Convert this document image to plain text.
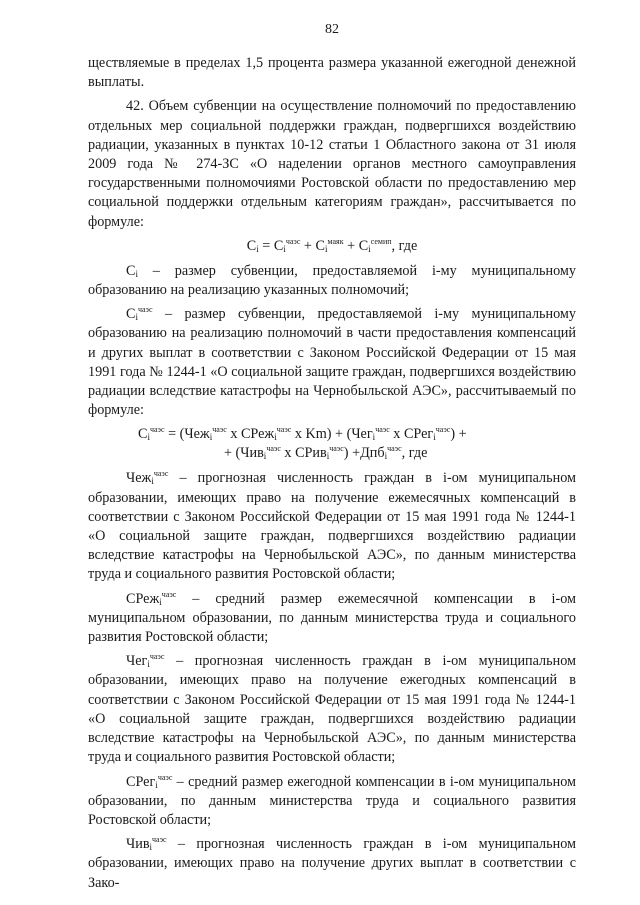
82

ществляемые в пределах 1,5 процента размера указанной ежегодной денежной выплаты.

42. Объем субвенции на осуществление полномочий по предоставлению отдельных мер социальной поддержки граждан, подвергшихся воздействию радиации, указанных в пунктах 10-12 статьи 1 Областного закона от 31 июля 2009 года № 274-ЗС «О наделении органов местного самоуправления государственными полномочиями Ростовской области по предоставлению мер социальной поддержки отдельным категориям граждан», рассчитывается по формуле:

$C_i = C_i^{чаэс} + C_i^{маяк} + C_i^{семип}$, где

$C_i$ – размер субвенции, предоставляемой i-му муниципальному образованию на реализацию указанных полномочий;

$C_i^{чаэс}$ – размер субвенции, предоставляемой i-му муниципальному образованию на реализацию полномочий в части предоставления компенсаций и других выплат в соответствии с Законом Российской Федерации от 15 мая 1991 года № 1244-1 «О социальной защите граждан, подвергшихся воздействию радиации вследствие катастрофы на Чернобыльской АЭС», рассчитываемый по формуле:

$C_i^{чаэс} = (Чеж_i^{чаэс}$ x СРеж$_i^{чаэс}$ x Km) + (Чег$_i^{чаэс}$ x СРег$_i^{чаэс}$) +
+ (Чив$_i^{чаэс}$ x СРив$_i^{чаэс}$) +Дпб$_i^{чаэс}$, где

Чеж$_i^{чаэс}$ – прогнозная численность граждан в i-ом муниципальном образовании, имеющих право на получение ежемесячных компенсаций в соответствии с Законом Российской Федерации от 15 мая 1991 года № 1244-1 «О социальной защите граждан, подвергшихся воздействию радиации вследствие катастрофы на Чернобыльской АЭС», по данным министерства труда и социального развития Ростовской области;

СРеж$_i^{чаэс}$ – средний размер ежемесячной компенсации в i-ом муниципальном образовании, по данным министерства труда и социального развития Ростовской области;

Чег$_i^{чаэс}$ – прогнозная численность граждан в i-ом муниципальном образовании, имеющих право на получение ежегодных компенсаций в соответствии с Законом Российской Федерации от 15 мая 1991 года № 1244-1 «О социальной защите граждан, подвергшихся воздействию радиации вследствие катастрофы на Чернобыльской АЭС», по данным министерства труда и социального развития Ростовской области;

СРег$_i^{чаэс}$ – средний размер ежегодной компенсации в i-ом муниципальном образовании, по данным министерства труда и социального развития Ростовской области;

Чив$_i^{чаэс}$ – прогнозная численность граждан в i-ом муниципальном образовании, имеющих право на получение других выплат в соответствии с Зако-
